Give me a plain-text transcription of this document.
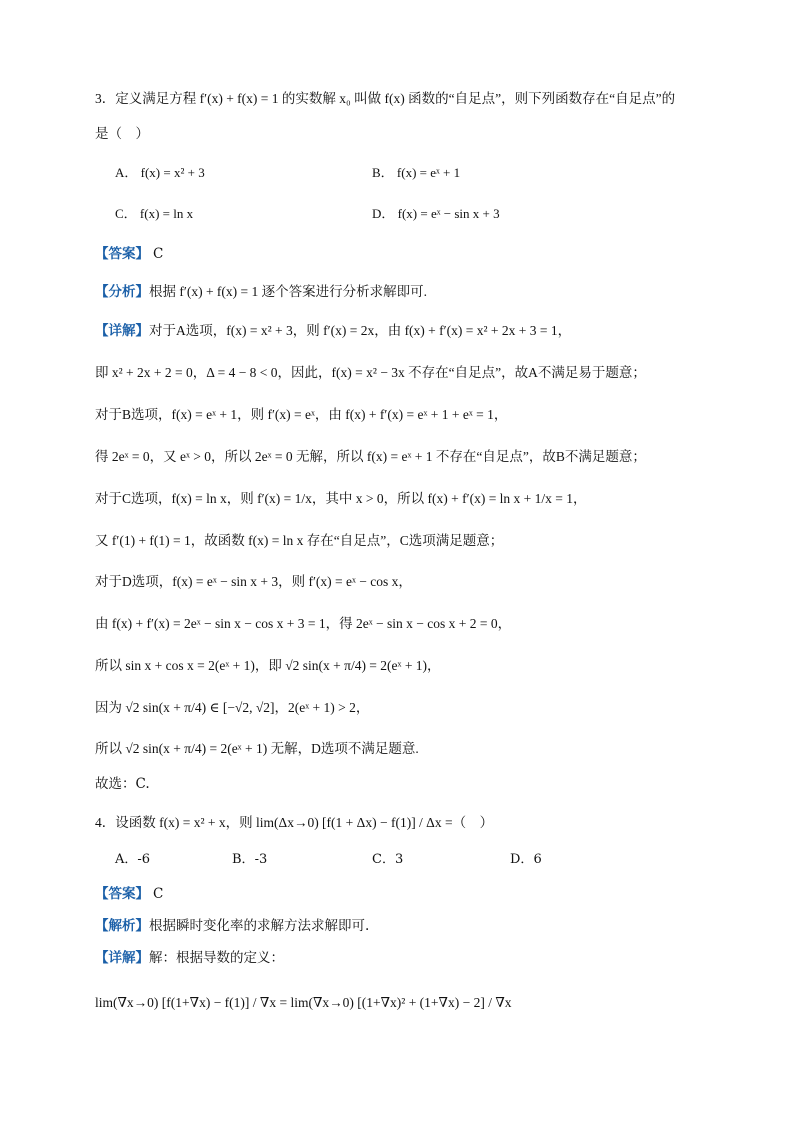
3．定义满足方程 f′(x) + f(x) = 1 的实数解 x₀ 叫做 f(x) 函数的“自足点”，则下列函数存在“自足点”的
是（　）
A． f(x) = x² + 3	B． f(x) = eˣ + 1
C． f(x) = ln x	D． f(x) = eˣ − sin x + 3
【答案】 C
【分析】根据 f′(x) + f(x) = 1 逐个答案进行分析求解即可.
【详解】对于A选项，f(x) = x² + 3，则 f′(x) = 2x，由 f(x) + f′(x) = x² + 2x + 3 = 1，
即 x² + 2x + 2 = 0，Δ = 4 − 8 < 0，因此，f(x) = x² − 3x 不存在“自足点”，故A不满足易于题意；
对于B选项，f(x) = eˣ + 1，则 f′(x) = eˣ，由 f(x) + f′(x) = eˣ + 1 + eˣ = 1，
得 2eˣ = 0，又 eˣ > 0，所以 2eˣ = 0 无解，所以 f(x) = eˣ + 1 不存在“自足点”，故B不满足题意；
对于C选项，f(x) = ln x，则 f′(x) = 1/x，其中 x > 0，所以 f(x) + f′(x) = ln x + 1/x = 1，
又 f′(1) + f(1) = 1，故函数 f(x) = ln x 存在“自足点”，C选项满足题意；
对于D选项，f(x) = eˣ − sin x + 3，则 f′(x) = eˣ − cos x，
由 f(x) + f′(x) = 2eˣ − sin x − cos x + 3 = 1，得 2eˣ − sin x − cos x + 2 = 0，
所以 sin x + cos x = 2(eˣ + 1)，即 √2 sin(x + π/4) = 2(eˣ + 1)，
因为 √2 sin(x + π/4) ∈ [−√2, √2]，2(eˣ + 1) > 2，
所以 √2 sin(x + π/4) = 2(eˣ + 1) 无解，D选项不满足题意.
故选：C.
4．设函数 f(x) = x² + x，则 lim(Δx→0) [f(1 + Δx) − f(1)] / Δx =（　）
A．-6	B．-3	C．3	D．6
【答案】 C
【解析】根据瞬时变化率的求解方法求解即可.
【详解】解：根据导数的定义：
lim(∇x→0) [f(1+∇x) − f(1)] / ∇x = lim(∇x→0) [(1+∇x)² + (1+∇x) − 2] / ∇x
